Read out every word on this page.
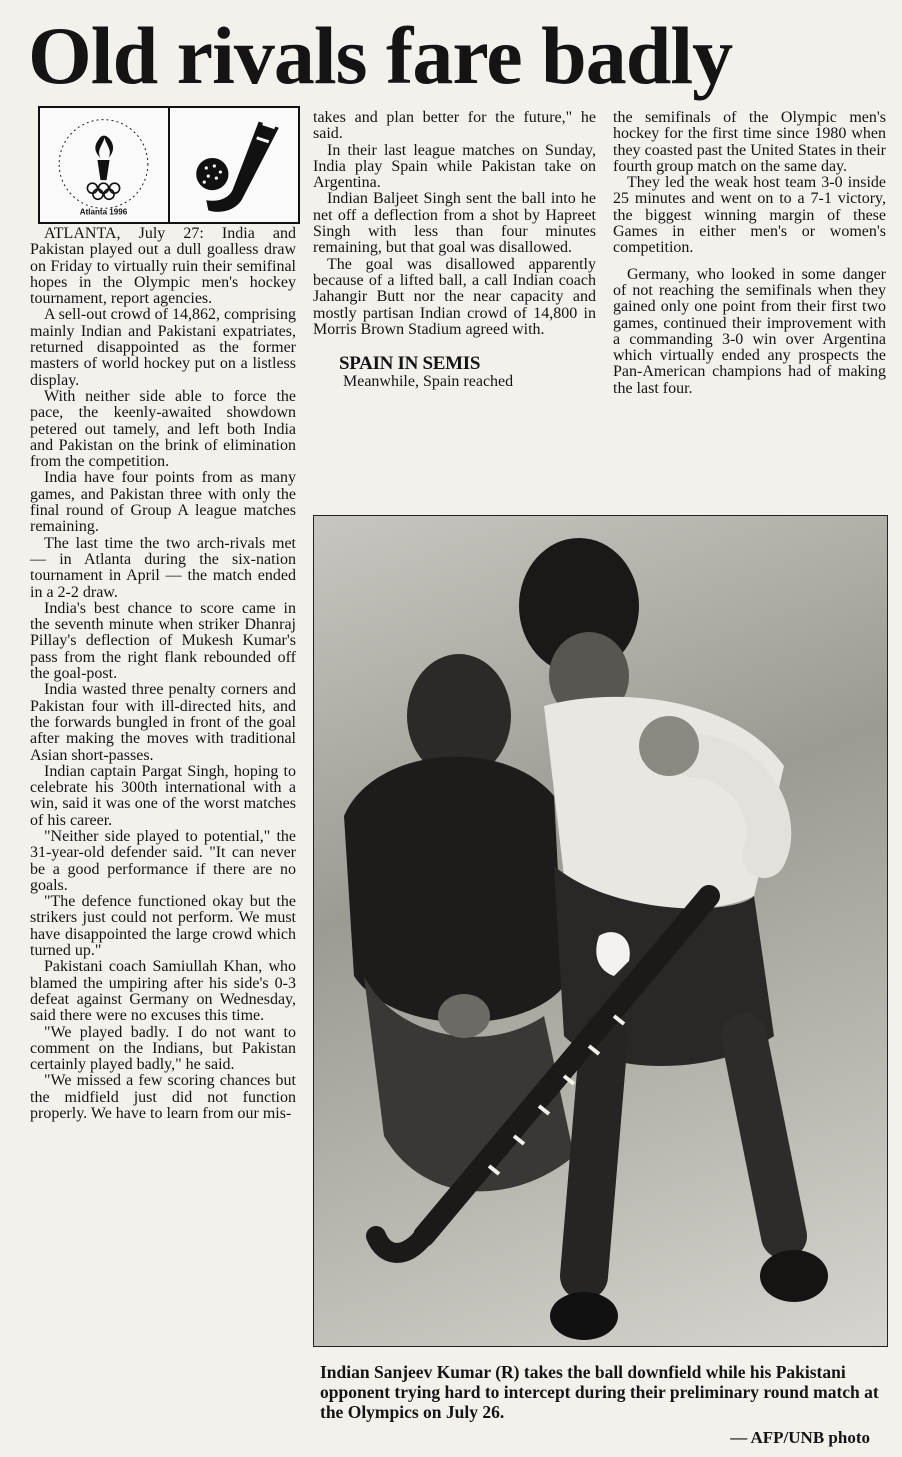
Old rivals fare badly
Atlanta 1996

ATLANTA, July 27: India and Pakistan played out a dull goalless draw on Friday to virtually ruin their semifinal hopes in the Olympic men's hockey tournament, report agencies.

A sell-out crowd of 14,862, comprising mainly Indian and Pakistani expatriates, returned disappointed as the former masters of world hockey put on a listless display.

With neither side able to force the pace, the keenly-awaited showdown petered out tamely, and left both India and Pakistan on the brink of elimination from the competition.

India have four points from as many games, and Pakistan three with only the final round of Group A league matches remaining.

The last time the two arch-rivals met — in Atlanta during the six-nation tournament in April — the match ended in a 2-2 draw.

India's best chance to score came in the seventh minute when striker Dhanraj Pillay's deflection of Mukesh Kumar's pass from the right flank rebounded off the goal-post.

India wasted three penalty corners and Pakistan four with ill-directed hits, and the forwards bungled in front of the goal after making the moves with traditional Asian short-passes.

Indian captain Pargat Singh, hoping to celebrate his 300th international with a win, said it was one of the worst matches of his career.

"Neither side played to potential," the 31-year-old defender said. "It can never be a good performance if there are no goals.

"The defence functioned okay but the strikers just could not perform. We must have disappointed the large crowd which turned up."

Pakistani coach Samiullah Khan, who blamed the umpiring after his side's 0-3 defeat against Germany on Wednesday, said there were no excuses this time.

"We played badly. I do not want to comment on the Indians, but Pakistan certainly played badly," he said.

"We missed a few scoring chances but the midfield just did not function properly. We have to learn from our mis-

takes and plan better for the future," he said.

In their last league matches on Sunday, India play Spain while Pakistan take on Argentina.

Indian Baljeet Singh sent the ball into he net off a deflection from a shot by Hapreet Singh with less than four minutes remaining, but that goal was disallowed.

The goal was disallowed apparently because of a lifted ball, a call Indian coach Jahangir Butt nor the near capacity and mostly partisan Indian crowd of 14,800 in Morris Brown Stadium agreed with.

SPAIN IN SEMIS

Meanwhile, Spain reached

the semifinals of the Olympic men's hockey for the first time since 1980 when they coasted past the United States in their fourth group match on the same day.

They led the weak host team 3-0 inside 25 minutes and went on to a 7-1 victory, the biggest winning margin of these Games in either men's or women's competition.

Germany, who looked in some danger of not reaching the semifinals when they gained only one point from their first two games, continued their improvement with a commanding 3-0 win over Argentina which virtually ended any prospects the Pan-American champions had of making the last four.

Indian Sanjeev Kumar (R) takes the ball downfield while his Pakistani opponent trying hard to intercept during their preliminary round match at the Olympics on July 26.

— AFP/UNB photo
